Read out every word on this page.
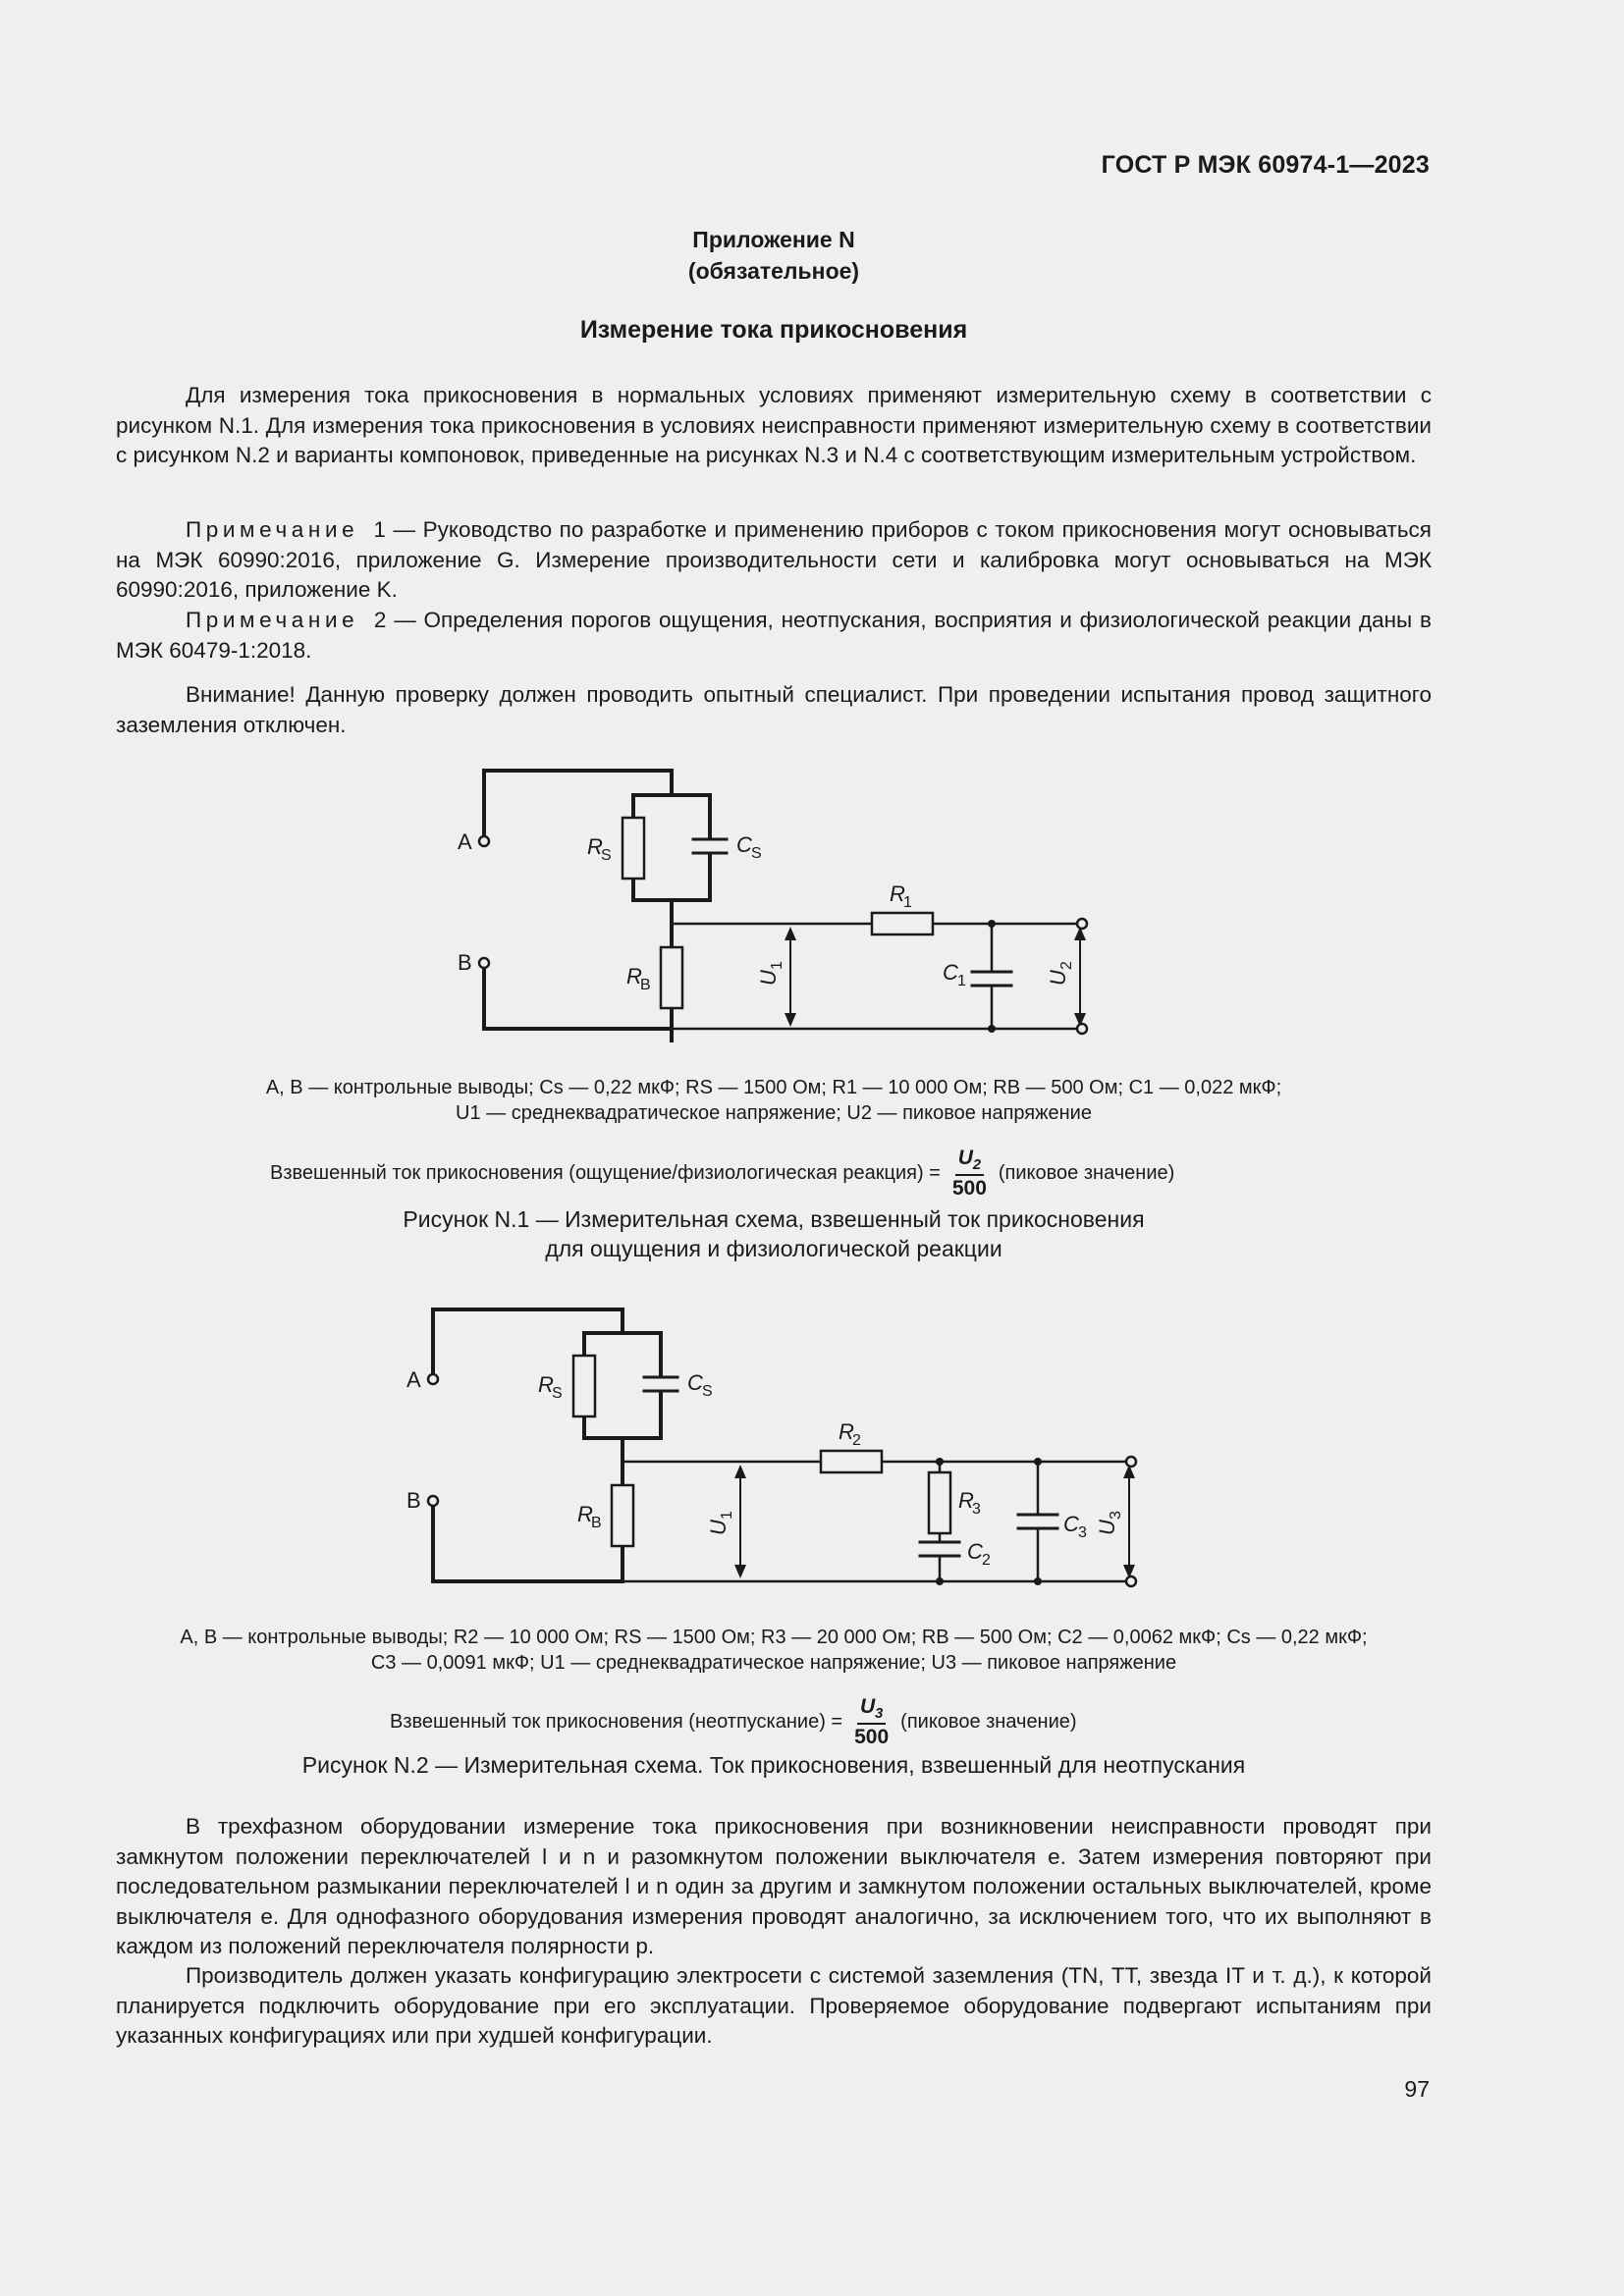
ГОСТ Р МЭК 60974-1—2023
Приложение N
(обязательное)
Измерение тока прикосновения

Для измерения тока прикосновения в нормальных условиях применяют измерительную схему в соответствии с рисунком N.1. Для измерения тока прикосновения в условиях неисправности применяют измерительную схему в соответствии с рисунком N.2 и варианты компоновок, приведенные на рисунках N.3 и N.4 с соответствующим измерительным устройством.

Примечание 1 — Руководство по разработке и применению приборов с током прикосновения могут основываться на МЭК 60990:2016, приложение G. Измерение производительности сети и калибровка могут основываться на МЭК 60990:2016, приложение K.

Примечание 2 — Определения порогов ощущения, неотпускания, восприятия и физиологической реакции даны в МЭК 60479-1:2018.

Внимание! Данную проверку должен проводить опытный специалист. При проведении испытания провод защитного заземления отключен.

A
B
R
S	C S
R
B
R
1
C 1
U
1
U
2
A, B — контрольные выводы; Cs — 0,22 мкФ; RS — 1500 Ом; R1 — 10 000 Ом; RB — 500 Ом; C1 — 0,022 мкФ;
U1 — среднеквадратическое напряжение; U2 — пиковое напряжение
Взвешенный ток прикосновения (ощущение/физиологическая реакция) = $\frac{U_2}{500}$ (пиковое значение)
Рисунок N.1 — Измерительная схема, взвешенный ток прикосновения
для ощущения и физиологической реакции
A
B
R
S	C S
R
B
R
2
R
3
C 2
C 3
U
1
U
3
A, B — контрольные выводы; R2 — 10 000 Ом; RS — 1500 Ом; R3 — 20 000 Ом; RB — 500 Ом; C2 — 0,0062 мкФ; Cs — 0,22 мкФ;
C3 — 0,0091 мкФ; U1 — среднеквадратическое напряжение; U3 — пиковое напряжение
Взвешенный ток прикосновения (неотпускание) = $\frac{U_3}{500}$ (пиковое значение)
Рисунок N.2 — Измерительная схема. Ток прикосновения, взвешенный для неотпускания

В трехфазном оборудовании измерение тока прикосновения при возникновении неисправности проводят при замкнутом положении переключателей l и n и разомкнутом положении выключателя e. Затем измерения повторяют при последовательном размыкании переключателей l и n один за другим и замкнутом положении остальных выключателей, кроме выключателя e. Для однофазного оборудования измерения проводят аналогично, за исключением того, что их выполняют в каждом из положений переключателя полярности p.

Производитель должен указать конфигурацию электросети с системой заземления (TN, TT, звезда IT и т. д.), к которой планируется подключить оборудование при его эксплуатации. Проверяемое оборудование подвергают испытаниям при указанных конфигурациях или при худшей конфигурации.

97
